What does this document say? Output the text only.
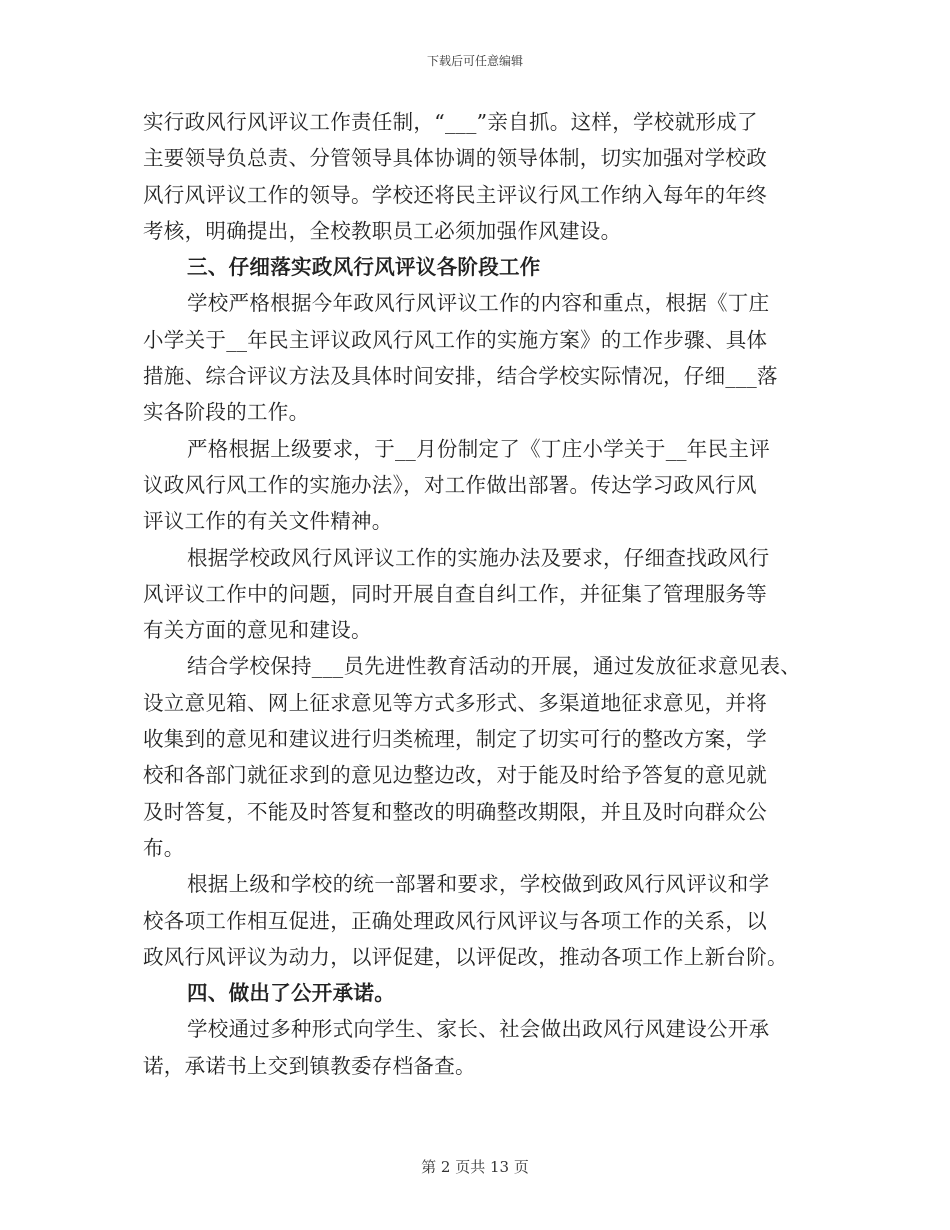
下载后可任意编辑
实行政风行风评议工作责任制，“___”亲自抓。这样，学校就形成了
主要领导负总责、分管领导具体协调的领导体制，切实加强对学校政
风行风评议工作的领导。学校还将民主评议行风工作纳入每年的年终
考核，明确提出，全校教职员工必须加强作风建设。
三、仔细落实政风行风评议各阶段工作
学校严格根据今年政风行风评议工作的内容和重点，根据《丁庄
小学关于__年民主评议政风行风工作的实施方案》的工作步骤、具体
措施、综合评议方法及具体时间安排，结合学校实际情况，仔细___落
实各阶段的工作。
严格根据上级要求，于__月份制定了《丁庄小学关于__年民主评
议政风行风工作的实施办法》，对工作做出部署。传达学习政风行风
评议工作的有关文件精神。
根据学校政风行风评议工作的实施办法及要求，仔细查找政风行
风评议工作中的问题，同时开展自查自纠工作，并征集了管理服务等
有关方面的意见和建设。
结合学校保持___员先进性教育活动的开展，通过发放征求意见表、
设立意见箱、网上征求意见等方式多形式、多渠道地征求意见，并将
收集到的意见和建议进行归类梳理，制定了切实可行的整改方案，学
校和各部门就征求到的意见边整边改，对于能及时给予答复的意见就
及时答复，不能及时答复和整改的明确整改期限，并且及时向群众公
布。
根据上级和学校的统一部署和要求，学校做到政风行风评议和学
校各项工作相互促进，正确处理政风行风评议与各项工作的关系，以
政风行风评议为动力，以评促建，以评促改，推动各项工作上新台阶。
四、做出了公开承诺。
学校通过多种形式向学生、家长、社会做出政风行风建设公开承
诺，承诺书上交到镇教委存档备查。
第 2 页共 13 页
